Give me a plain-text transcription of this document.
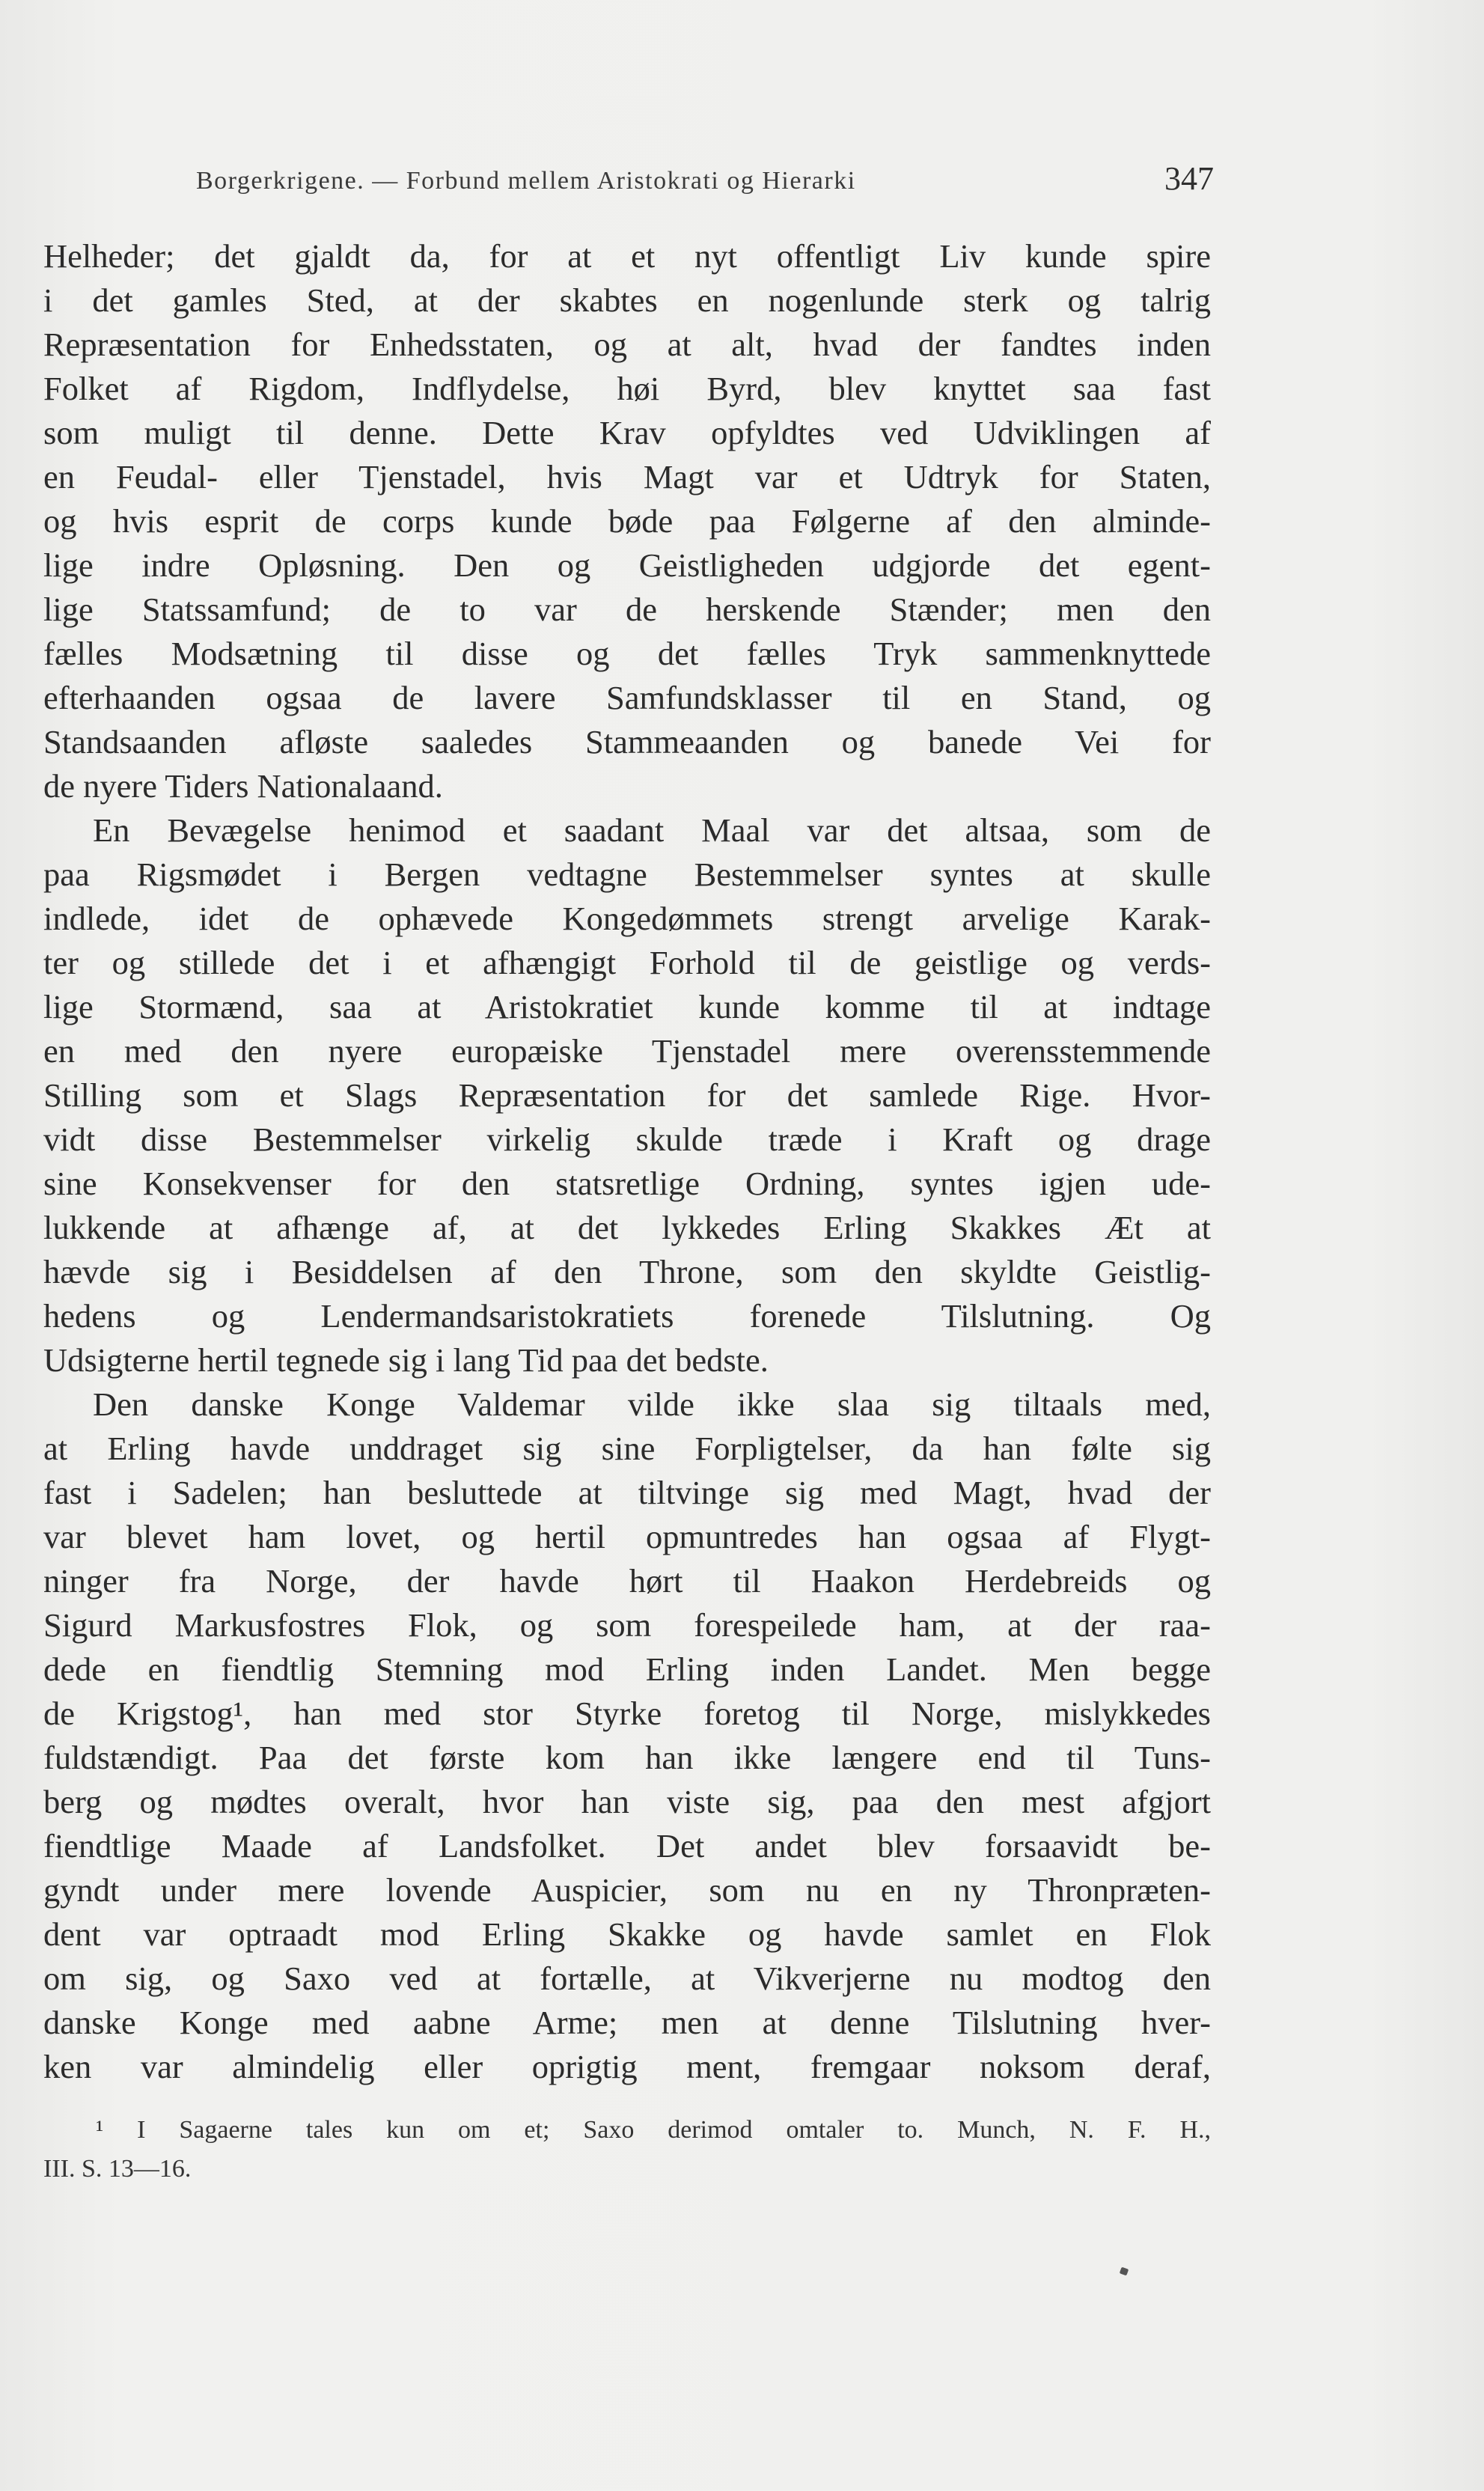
Borgerkrigene. — Forbund mellem Aristokrati og Hierarki	347
Helheder; det gjaldt da, for at et nyt offentligt Liv kunde spire
i det gamles Sted, at der skabtes en nogenlunde sterk og talrig
Repræsentation for Enhedsstaten, og at alt, hvad der fandtes inden
Folket af Rigdom, Indflydelse, høi Byrd, blev knyttet saa fast
som muligt til denne. Dette Krav opfyldtes ved Udviklingen af
en Feudal- eller Tjenstadel, hvis Magt var et Udtryk for Staten,
og hvis esprit de corps kunde bøde paa Følgerne af den alminde-
lige indre Opløsning. Den og Geistligheden udgjorde det egent-
lige Statssamfund; de to var de herskende Stænder; men den
fælles Modsætning til disse og det fælles Tryk sammenknyttede
efterhaanden ogsaa de lavere Samfundsklasser til en Stand, og
Standsaanden afløste saaledes Stammeaanden og banede Vei for
de nyere Tiders Nationalaand.
En Bevægelse henimod et saadant Maal var det altsaa, som de
paa Rigsmødet i Bergen vedtagne Bestemmelser syntes at skulle
indlede, idet de ophævede Kongedømmets strengt arvelige Karak-
ter og stillede det i et afhængigt Forhold til de geistlige og verds-
lige Stormænd, saa at Aristokratiet kunde komme til at indtage
en med den nyere europæiske Tjenstadel mere overensstemmende
Stilling som et Slags Repræsentation for det samlede Rige. Hvor-
vidt disse Bestemmelser virkelig skulde træde i Kraft og drage
sine Konsekvenser for den statsretlige Ordning, syntes igjen ude-
lukkende at afhænge af, at det lykkedes Erling Skakkes Æt at
hævde sig i Besiddelsen af den Throne, som den skyldte Geistlig-
hedens og Lendermandsaristokratiets forenede Tilslutning. Og
Udsigterne hertil tegnede sig i lang Tid paa det bedste.
Den danske Konge Valdemar vilde ikke slaa sig tiltaals med,
at Erling havde unddraget sig sine Forpligtelser, da han følte sig
fast i Sadelen; han besluttede at tiltvinge sig med Magt, hvad der
var blevet ham lovet, og hertil opmuntredes han ogsaa af Flygt-
ninger fra Norge, der havde hørt til Haakon Herdebreids og
Sigurd Markusfostres Flok, og som forespeilede ham, at der raa-
dede en fiendtlig Stemning mod Erling inden Landet. Men begge
de Krigstog¹, han med stor Styrke foretog til Norge, mislykkedes
fuldstændigt. Paa det første kom han ikke længere end til Tuns-
berg og mødtes overalt, hvor han viste sig, paa den mest afgjort
fiendtlige Maade af Landsfolket. Det andet blev forsaavidt be-
gyndt under mere lovende Auspicier, som nu en ny Thronpræten-
dent var optraadt mod Erling Skakke og havde samlet en Flok
om sig, og Saxo ved at fortælle, at Vikverjerne nu modtog den
danske Konge med aabne Arme; men at denne Tilslutning hver-
ken var almindelig eller oprigtig ment, fremgaar noksom deraf,
¹ I Sagaerne tales kun om et; Saxo derimod omtaler to. Munch, N. F. H.,
III. S. 13—16.
